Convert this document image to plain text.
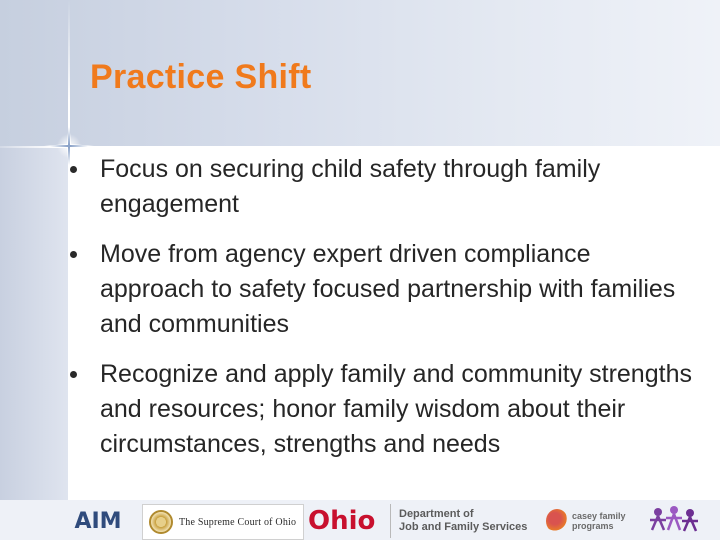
Practice Shift
Focus on securing child safety through family engagement
Move from agency expert driven compliance approach to safety focused partnership with families and communities
Recognize and apply family and community strengths and resources; honor family wisdom about their circumstances, strengths and needs
AIM	The Supreme Court of Ohio Ohio	Department of
Job and Family Services
casey family programs
